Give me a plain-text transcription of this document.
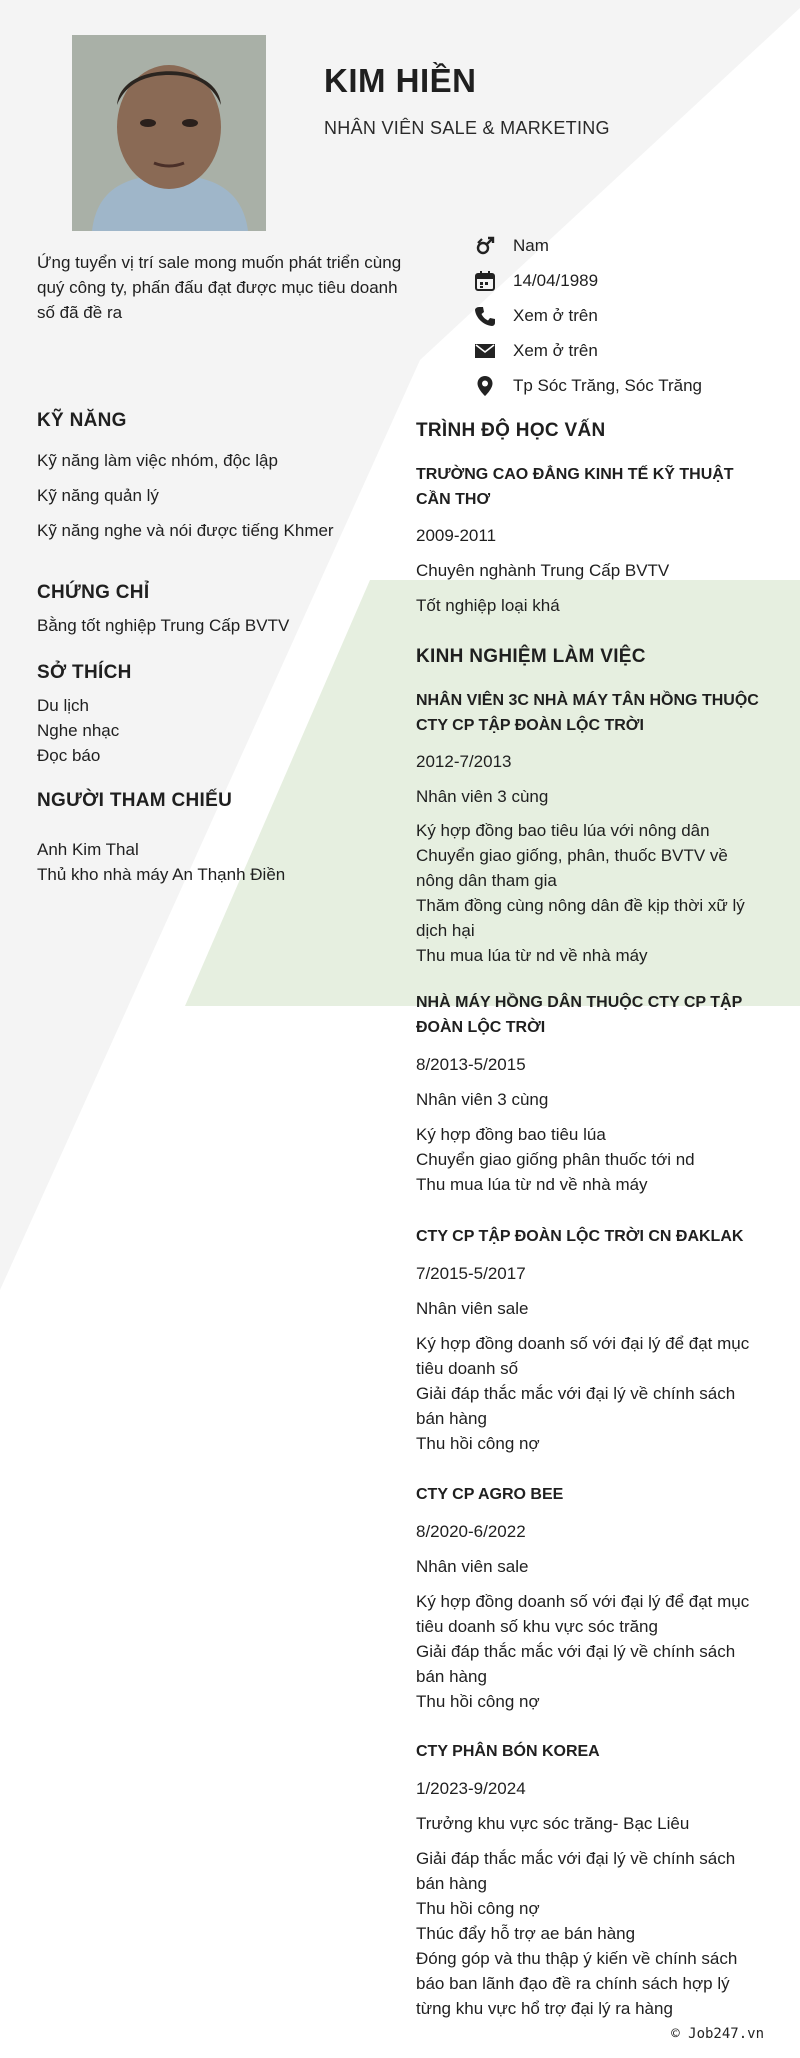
KIM HIỀN
NHÂN VIÊN SALE & MARKETING
Ứng tuyển vị trí sale mong muốn phát triển cùng quý công ty, phấn đấu đạt được mục tiêu doanh số đã đề ra
Nam
14/04/1989
Xem ở trên
Xem ở trên
Tp Sóc Trăng, Sóc Trăng
KỸ NĂNG
Kỹ năng làm việc nhóm, độc lập
Kỹ năng quản lý
Kỹ năng nghe và nói được tiếng Khmer
CHỨNG CHỈ
Bằng tốt nghiệp Trung Cấp BVTV
SỞ THÍCH
Du lịch
Nghe nhạc
Đọc báo
NGƯỜI THAM CHIẾU
Anh Kim Thal
Thủ kho nhà máy An Thạnh Điền
TRÌNH ĐỘ HỌC VẤN
TRƯỜNG CAO ĐẲNG KINH TẾ KỸ THUẬT CẦN THƠ
2009-2011
Chuyên nghành Trung Cấp BVTV
Tốt nghiệp loại khá
KINH NGHIỆM LÀM VIỆC
NHÂN VIÊN 3C NHÀ MÁY TÂN HỒNG THUỘC CTY CP TẬP ĐOÀN LỘC TRỜI
2012-7/2013
Nhân viên 3 cùng

Ký hợp đồng bao tiêu lúa với nông dân

Chuyển giao giống, phân, thuốc BVTV về nông dân tham gia

Thăm đồng cùng nông dân đề kịp thời xữ lý dịch hại

Thu mua lúa từ nd về nhà máy

NHÀ MÁY HỒNG DÂN THUỘC CTY CP TẬP ĐOÀN LỘC TRỜI
8/2013-5/2015
Nhân viên 3 cùng

Ký hợp đồng bao tiêu lúa

Chuyển giao giống phân thuốc tới nd

Thu mua lúa từ nd về nhà máy

CTY CP TẬP ĐOÀN LỘC TRỜI CN ĐAKLAK
7/2015-5/2017
Nhân viên sale

Ký hợp đồng doanh số với đại lý để đạt mục tiêu doanh số

Giải đáp thắc mắc với đại lý về chính sách bán hàng

Thu hồi công nợ

CTY CP AGRO BEE
8/2020-6/2022
Nhân viên sale

Ký hợp đồng doanh số với đại lý để đạt mục tiêu doanh số khu vực sóc trăng

Giải đáp thắc mắc với đại lý về chính sách bán hàng

Thu hồi công nợ

CTY PHÂN BÓN KOREA
1/2023-9/2024
Trưởng khu vực sóc trăng- Bạc Liêu

Giải đáp thắc mắc với đại lý về chính sách bán hàng

Thu hồi công nợ

Thúc đẩy hỗ trợ ae bán hàng

Đóng góp và thu thập ý kiến về chính sách báo ban lãnh đạo đề ra chính sách hợp lý từng khu vực hổ trợ đại lý ra hàng

© Job247.vn
